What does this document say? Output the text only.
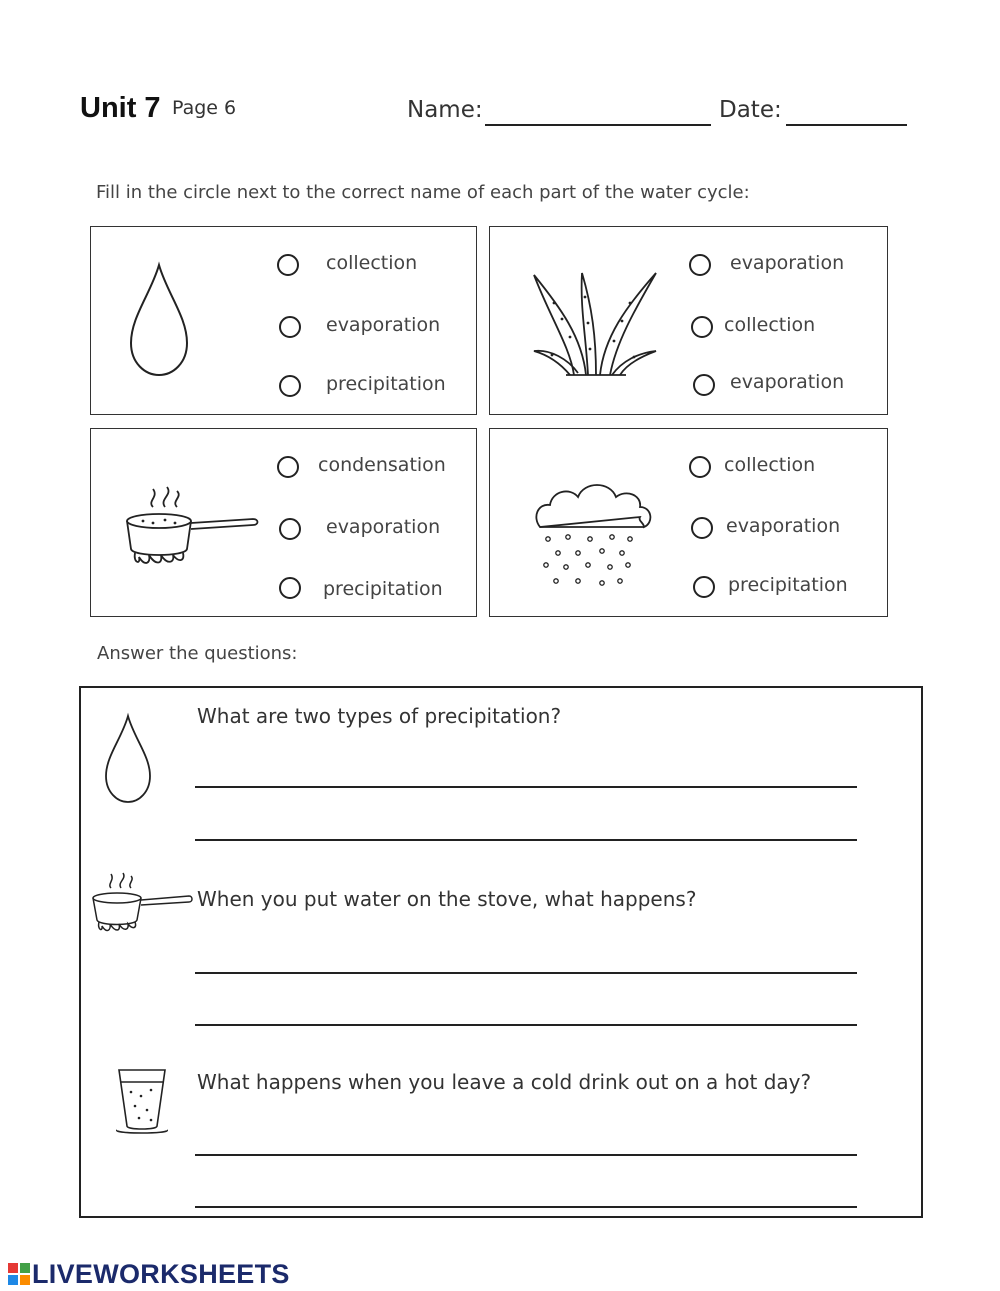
Unit 7 Page 6	Name:	Date:
Fill in the circle next to the correct name of each part of the water cycle:
collection
evaporation
precipitation
evaporation
collection
evaporation
condensation
evaporation
precipitation
collection
evaporation
precipitation
Answer the questions:
What are two types of precipitation?
When you put water on the stove, what happens?
What happens when you leave a cold drink out on a hot day?
LIVEWORKSHEETS
